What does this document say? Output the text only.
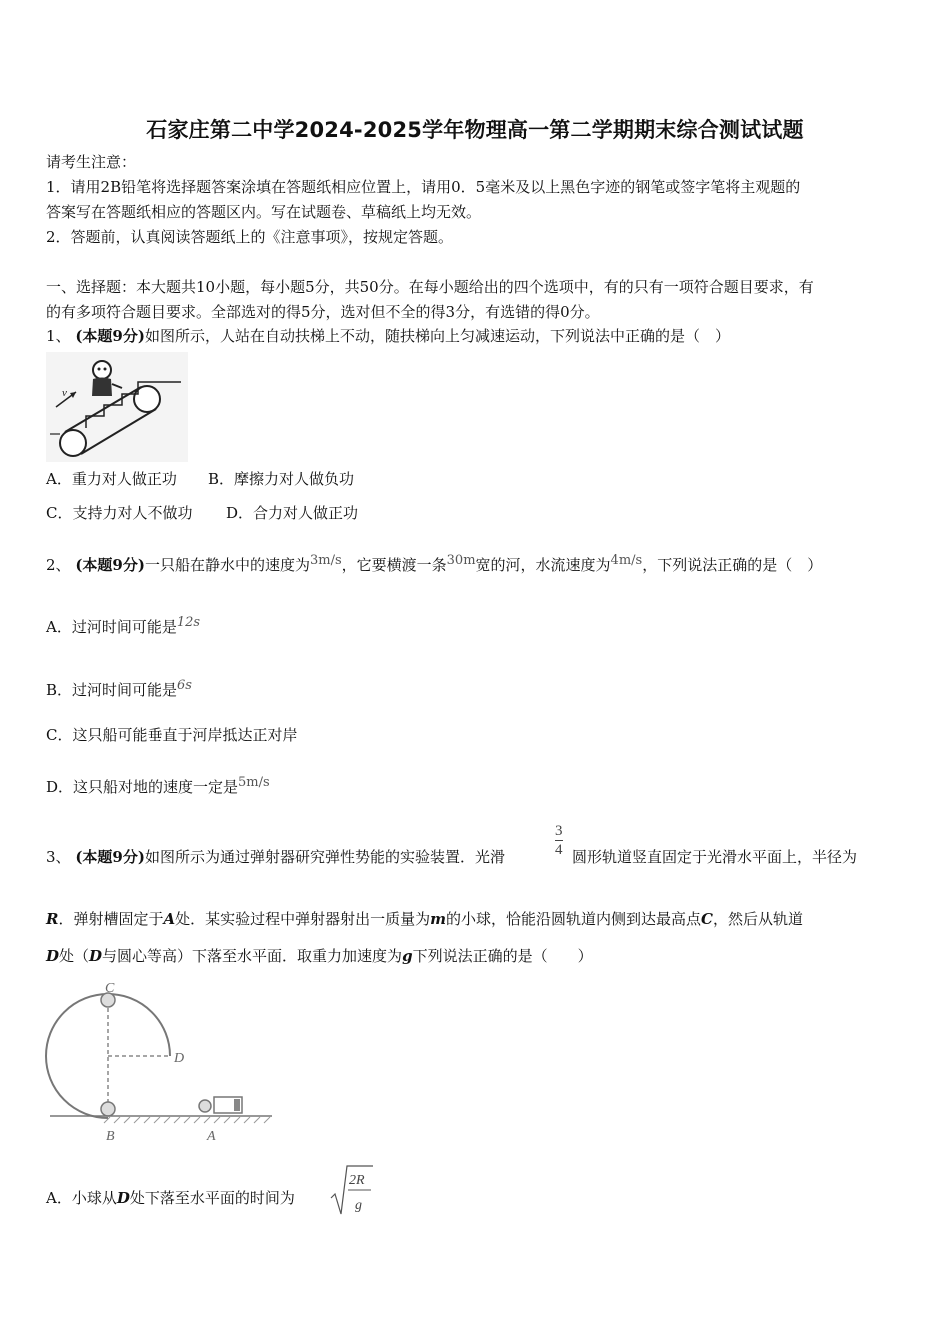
石家庄第二中学2024-2025学年物理高一第二学期期末综合测试试题
请考生注意：
1．请用2B铅笔将选择题答案涂填在答题纸相应位置上，请用0．5毫米及以上黑色字迹的钢笔或签字笔将主观题的
答案写在答题纸相应的答题区内。写在试题卷、草稿纸上均无效。
2．答题前，认真阅读答题纸上的《注意事项》，按规定答题。
一、选择题：本大题共10小题，每小题5分，共50分。在每小题给出的四个选项中，有的只有一项符合题目要求，有
的有多项符合题目要求。全部选对的得5分，选对但不全的得3分，有选错的得0分。
1、 (本题9分)如图所示，人站在自动扶梯上不动，随扶梯向上匀减速运动，下列说法中正确的是（　）
v
A．重力对人做正功 B．摩擦力对人做负功
C．支持力对人不做功 D．合力对人做正功
2、 (本题9分)一只船在静水中的速度为$^{3m/s}$，它要横渡一条$^{30m}$宽的河，水流速度为$^{4m/s}$，下列说法正确的是（　）
A．过河时间可能是$^{12s}$
B．过河时间可能是$^{6s}$
C．这只船可能垂直于河岸抵达正对岸
D．这只船对地的速度一定是$^{5m/s}$
3、 (本题9分)如图所示为通过弹射器研究弹性势能的实验装置．光滑	$\frac{3}{4}$ 圆形轨道竖直固定于光滑水平面上，半径为
R．弹射槽固定于A处．某实验过程中弹射器射出一质量为m的小球，恰能沿圆轨道内侧到达最高点C，然后从轨道
D处（D与圆心等高）下落至水平面．取重力加速度为g下列说法正确的是（　　）
C
D
B	A
A．小球从D处下落至水平面的时间为
2R
g
